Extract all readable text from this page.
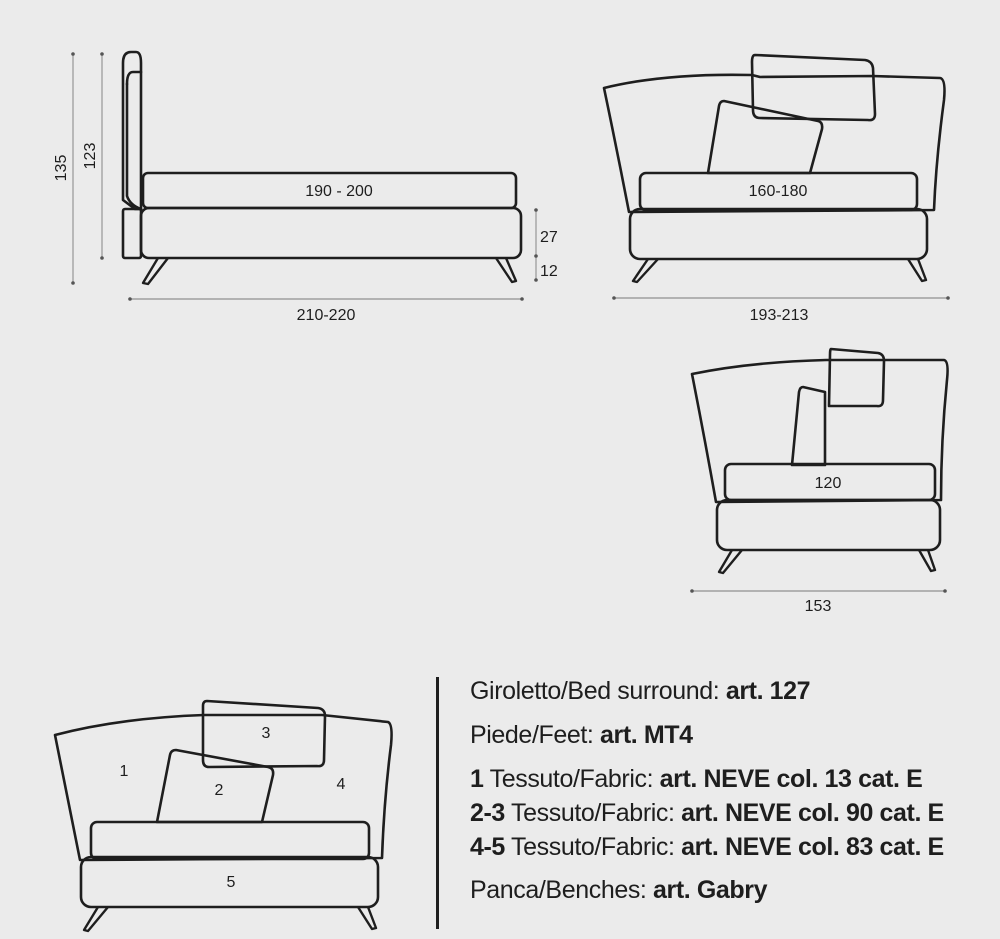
135 123
190 - 200
27
12
210-220
160-180
193-213
120
153
1
2
3
4
5
Giroletto/Bed surround: art. 127
Piede/Feet: art. MT4
1 Tessuto/Fabric: art. NEVE col. 13 cat. E
2-3 Tessuto/Fabric: art. NEVE col. 90 cat. E
4-5 Tessuto/Fabric: art. NEVE col. 83 cat. E
Panca/Benches: art. Gabry
